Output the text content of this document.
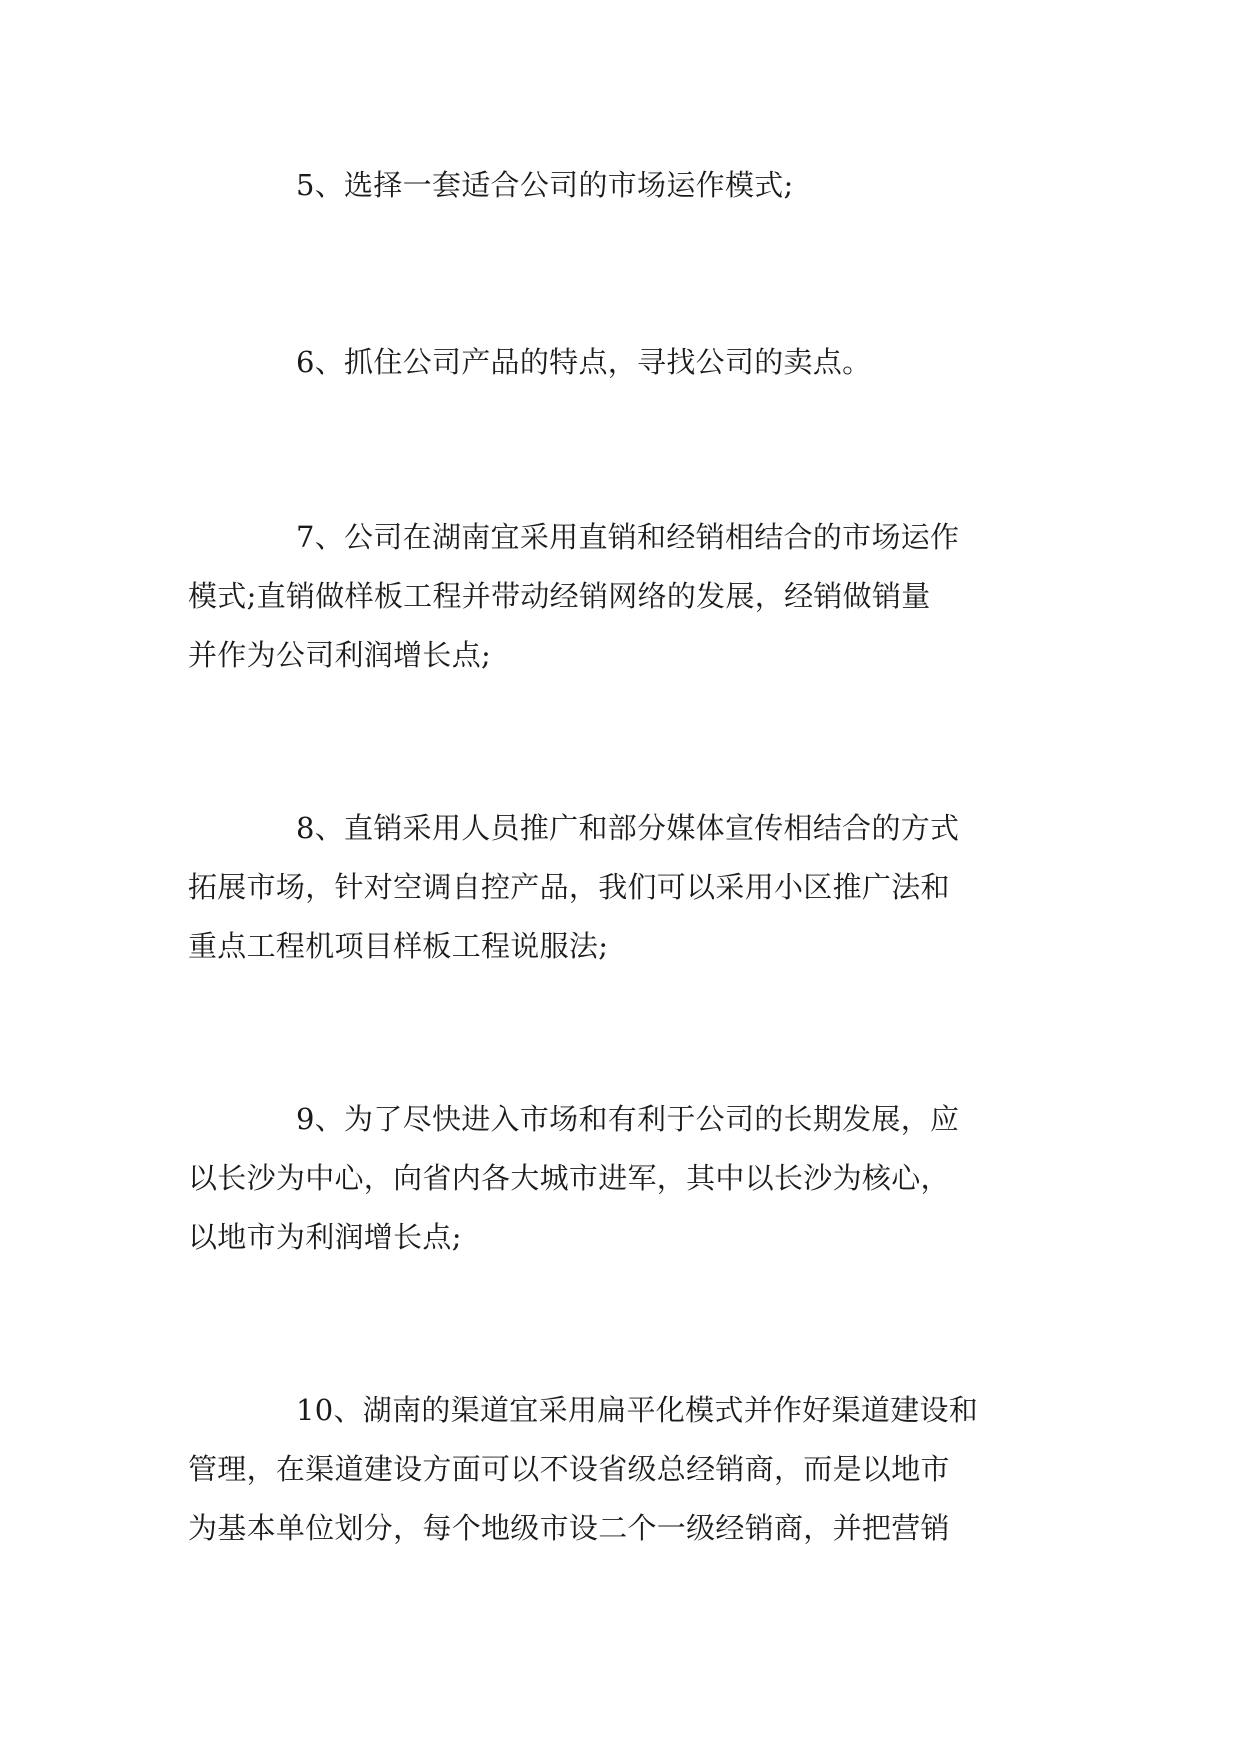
5、选择一套适合公司的市场运作模式;
6、抓住公司产品的特点，寻找公司的卖点。
7、公司在湖南宜采用直销和经销相结合的市场运作
模式;直销做样板工程并带动经销网络的发展，经销做销量
并作为公司利润增长点;
8、直销采用人员推广和部分媒体宣传相结合的方式
拓展市场，针对空调自控产品，我们可以采用小区推广法和
重点工程机项目样板工程说服法;
9、为了尽快进入市场和有利于公司的长期发展，应
以长沙为中心，向省内各大城市进军，其中以长沙为核心，
以地市为利润增长点;
10、湖南的渠道宜采用扁平化模式并作好渠道建设和
管理，在渠道建设方面可以不设省级总经销商，而是以地市
为基本单位划分，每个地级市设二个一级经销商，并把营销
